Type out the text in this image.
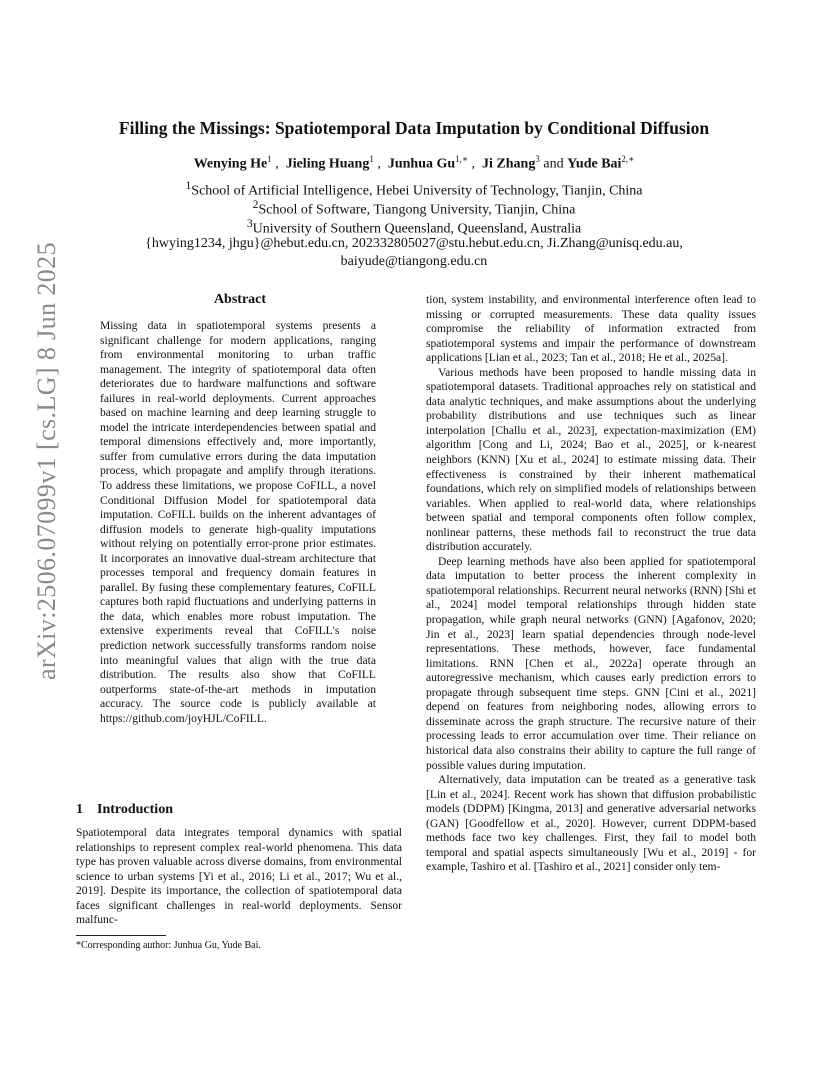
arXiv:2506.07099v1 [cs.LG] 8 Jun 2025
Filling the Missings: Spatiotemporal Data Imputation by Conditional Diffusion
Wenying He$^1$ ,  Jieling Huang$^1$ ,  Junhua $Gu^{1,∗}$ ,  Ji Zhang$^3$ and Yude Bai$^{2,∗}$
$^1$School of Artificial Intelligence, Hebei University of Technology, Tianjin, China
$^2$School of Software, Tiangong University, Tianjin, China
$^3$University of Southern Queensland, Queensland, Australia
{hwying1234, jhgu}@hebut.edu.cn, 202332805027@stu.hebut.edu.cn, Ji.Zhang@unisq.edu.au,
baiyude@tiangong.edu.cn
Abstract

Missing data in spatiotemporal systems presents a significant challenge for modern applications, ranging from environmental monitoring to urban traffic management. The integrity of spatiotemporal data often deteriorates due to hardware malfunctions and software failures in real-world deployments. Current approaches based on machine learning and deep learning struggle to model the intricate interdependencies between spatial and temporal dimensions effectively and, more importantly, suffer from cumulative errors during the data imputation process, which propagate and amplify through iterations. To address these limitations, we propose CoFILL, a novel Conditional Diffusion Model for spatiotemporal data imputation. CoFILL builds on the inherent advantages of diffusion models to generate high-quality imputations without relying on potentially error-prone prior estimates. It incorporates an innovative dual-stream architecture that processes temporal and frequency domain features in parallel. By fusing these complementary features, CoFILL captures both rapid fluctuations and underlying patterns in the data, which enables more robust imputation. The extensive experiments reveal that CoFILL's noise prediction network successfully transforms random noise into meaningful values that align with the true data distribution. The results also show that CoFILL outperforms state-of-the-art methods in imputation accuracy. The source code is publicly available at https://github.com/joyHJL/CoFILL.

1 Introduction

Spatiotemporal data integrates temporal dynamics with spatial relationships to represent complex real-world phenomena. This data type has proven valuable across diverse domains, from environmental science to urban systems [Yi et al., 2016; Li et al., 2017; Wu et al., 2019]. Despite its importance, the collection of spatiotemporal data faces significant challenges in real-world deployments. Sensor malfunc-

*Corresponding author: Junhua Gu, Yude Bai.

tion, system instability, and environmental interference often lead to missing or corrupted measurements. These data quality issues compromise the reliability of information extracted from spatiotemporal systems and impair the performance of downstream applications [Lian et al., 2023; Tan et al., 2018; He et al., 2025a].

Various methods have been proposed to handle missing data in spatiotemporal datasets. Traditional approaches rely on statistical and data analytic techniques, and make assumptions about the underlying probability distributions and use techniques such as linear interpolation [Challu et al., 2023], expectation-maximization (EM) algorithm [Cong and Li, 2024; Bao et al., 2025], or k-nearest neighbors (KNN) [Xu et al., 2024] to estimate missing data. Their effectiveness is constrained by their inherent mathematical foundations, which rely on simplified models of relationships between variables. When applied to real-world data, where relationships between spatial and temporal components often follow complex, nonlinear patterns, these methods fail to reconstruct the true data distribution accurately.

Deep learning methods have also been applied for spatiotemporal data imputation to better process the inherent complexity in spatiotemporal relationships. Recurrent neural networks (RNN) [Shi et al., 2024] model temporal relationships through hidden state propagation, while graph neural networks (GNN) [Agafonov, 2020; Jin et al., 2023] learn spatial dependencies through node-level representations. These methods, however, face fundamental limitations. RNN [Chen et al., 2022a] operate through an autoregressive mechanism, which causes early prediction errors to propagate through subsequent time steps. GNN [Cini et al., 2021] depend on features from neighboring nodes, allowing errors to disseminate across the graph structure. The recursive nature of their processing leads to error accumulation over time. Their reliance on historical data also constrains their ability to capture the full range of possible values during imputation.

Alternatively, data imputation can be treated as a generative task [Lin et al., 2024]. Recent work has shown that diffusion probabilistic models (DDPM) [Kingma, 2013] and generative adversarial networks (GAN) [Goodfellow et al., 2020]. However, current DDPM-based methods face two key challenges. First, they fail to model both temporal and spatial aspects simultaneously [Wu et al., 2019] - for example, Tashiro et al. [Tashiro et al., 2021] consider only tem-
